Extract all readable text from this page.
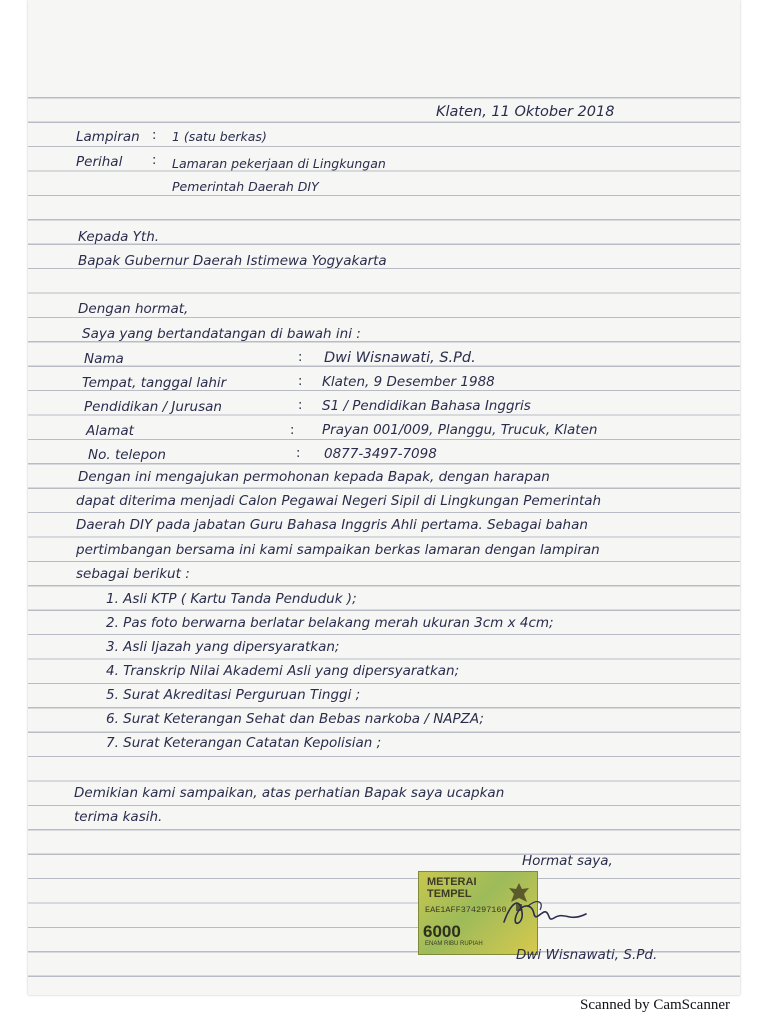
Klaten, 11 Oktober 2018
Lampiran : 1 (satu berkas)
Perihal : Lamaran pekerjaan di Lingkungan
Pemerintah Daerah DIY
Kepada Yth.
Bapak Gubernur Daerah Istimewa Yogyakarta
Dengan hormat,
Saya yang bertandatangan di bawah ini :
Nama	: Dwi Wisnawati, S.Pd.
Tempat, tanggal lahir	: Klaten, 9 Desember 1988
Pendidikan / Jurusan	: S1 / Pendidikan Bahasa Inggris
Alamat	: Prayan 001/009, Planggu, Trucuk, Klaten
No. telepon	: 0877-3497-7098
Dengan ini mengajukan permohonan kepada Bapak, dengan harapan
dapat diterima menjadi Calon Pegawai Negeri Sipil di Lingkungan Pemerintah
Daerah DIY pada jabatan Guru Bahasa Inggris Ahli pertama. Sebagai bahan
pertimbangan bersama ini kami sampaikan berkas lamaran dengan lampiran
sebagai berikut :
1. Asli KTP ( Kartu Tanda Penduduk );
2. Pas foto berwarna berlatar belakang merah ukuran 3cm x 4cm;
3. Asli Ijazah yang dipersyaratkan;
4. Transkrip Nilai Akademi Asli yang dipersyaratkan;
5. Surat Akreditasi Perguruan Tinggi ;
6. Surat Keterangan Sehat dan Bebas narkoba / NAPZA;
7. Surat Keterangan Catatan Kepolisian ;
Demikian kami sampaikan, atas perhatian Bapak saya ucapkan
terima kasih.
Hormat saya,
METERAI
TEMPEL
EAE1AFF374297160
6000
ENAM RIBU RUPIAH
Dwi Wisnawati, S.Pd.
Scanned by CamScanner
